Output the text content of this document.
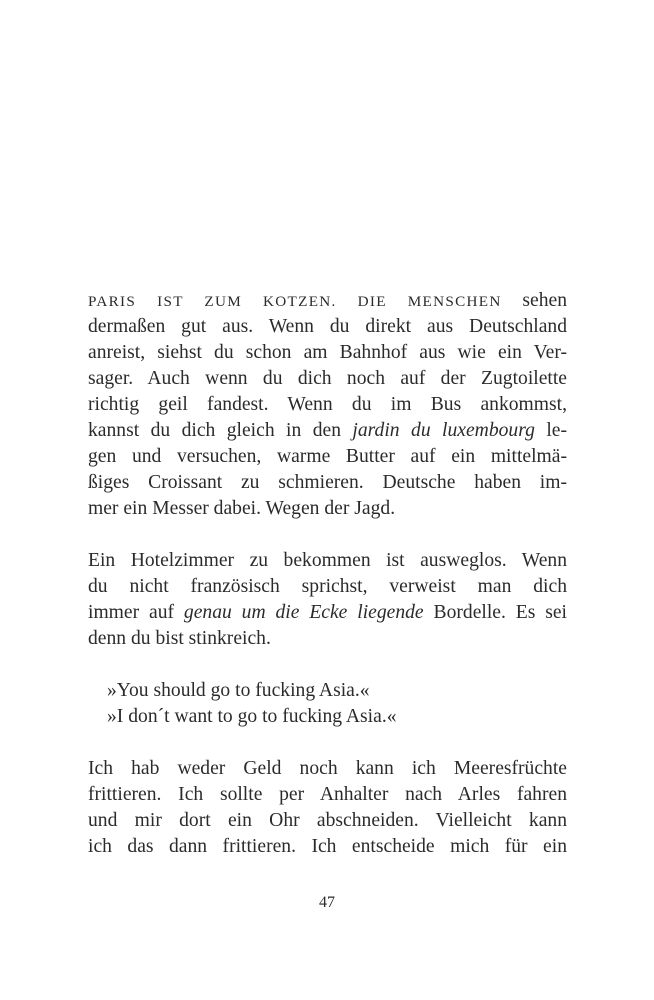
PARIS IST ZUM KOTZEN. DIE MENSCHEN sehen
dermaßen gut aus. Wenn du direkt aus Deutschland
anreist, siehst du schon am Bahnhof aus wie ein Ver-
sager. Auch wenn du dich noch auf der Zugtoilette
richtig geil fandest. Wenn du im Bus ankommst,
kannst du dich gleich in den jardin du luxembourg le-
gen und versuchen, warme Butter auf ein mittelmä-
ßiges Croissant zu schmieren. Deutsche haben im-
mer ein Messer dabei. Wegen der Jagd.
Ein Hotelzimmer zu bekommen ist ausweglos. Wenn
du nicht französisch sprichst, verweist man dich
immer auf genau um die Ecke liegende Bordelle. Es sei
denn du bist stinkreich.
»You should go to fucking Asia.«
»I don´t want to go to fucking Asia.«
Ich hab weder Geld noch kann ich Meeresfrüchte
frittieren. Ich sollte per Anhalter nach Arles fahren
und mir dort ein Ohr abschneiden. Vielleicht kann
ich das dann frittieren. Ich entscheide mich für ein
47
